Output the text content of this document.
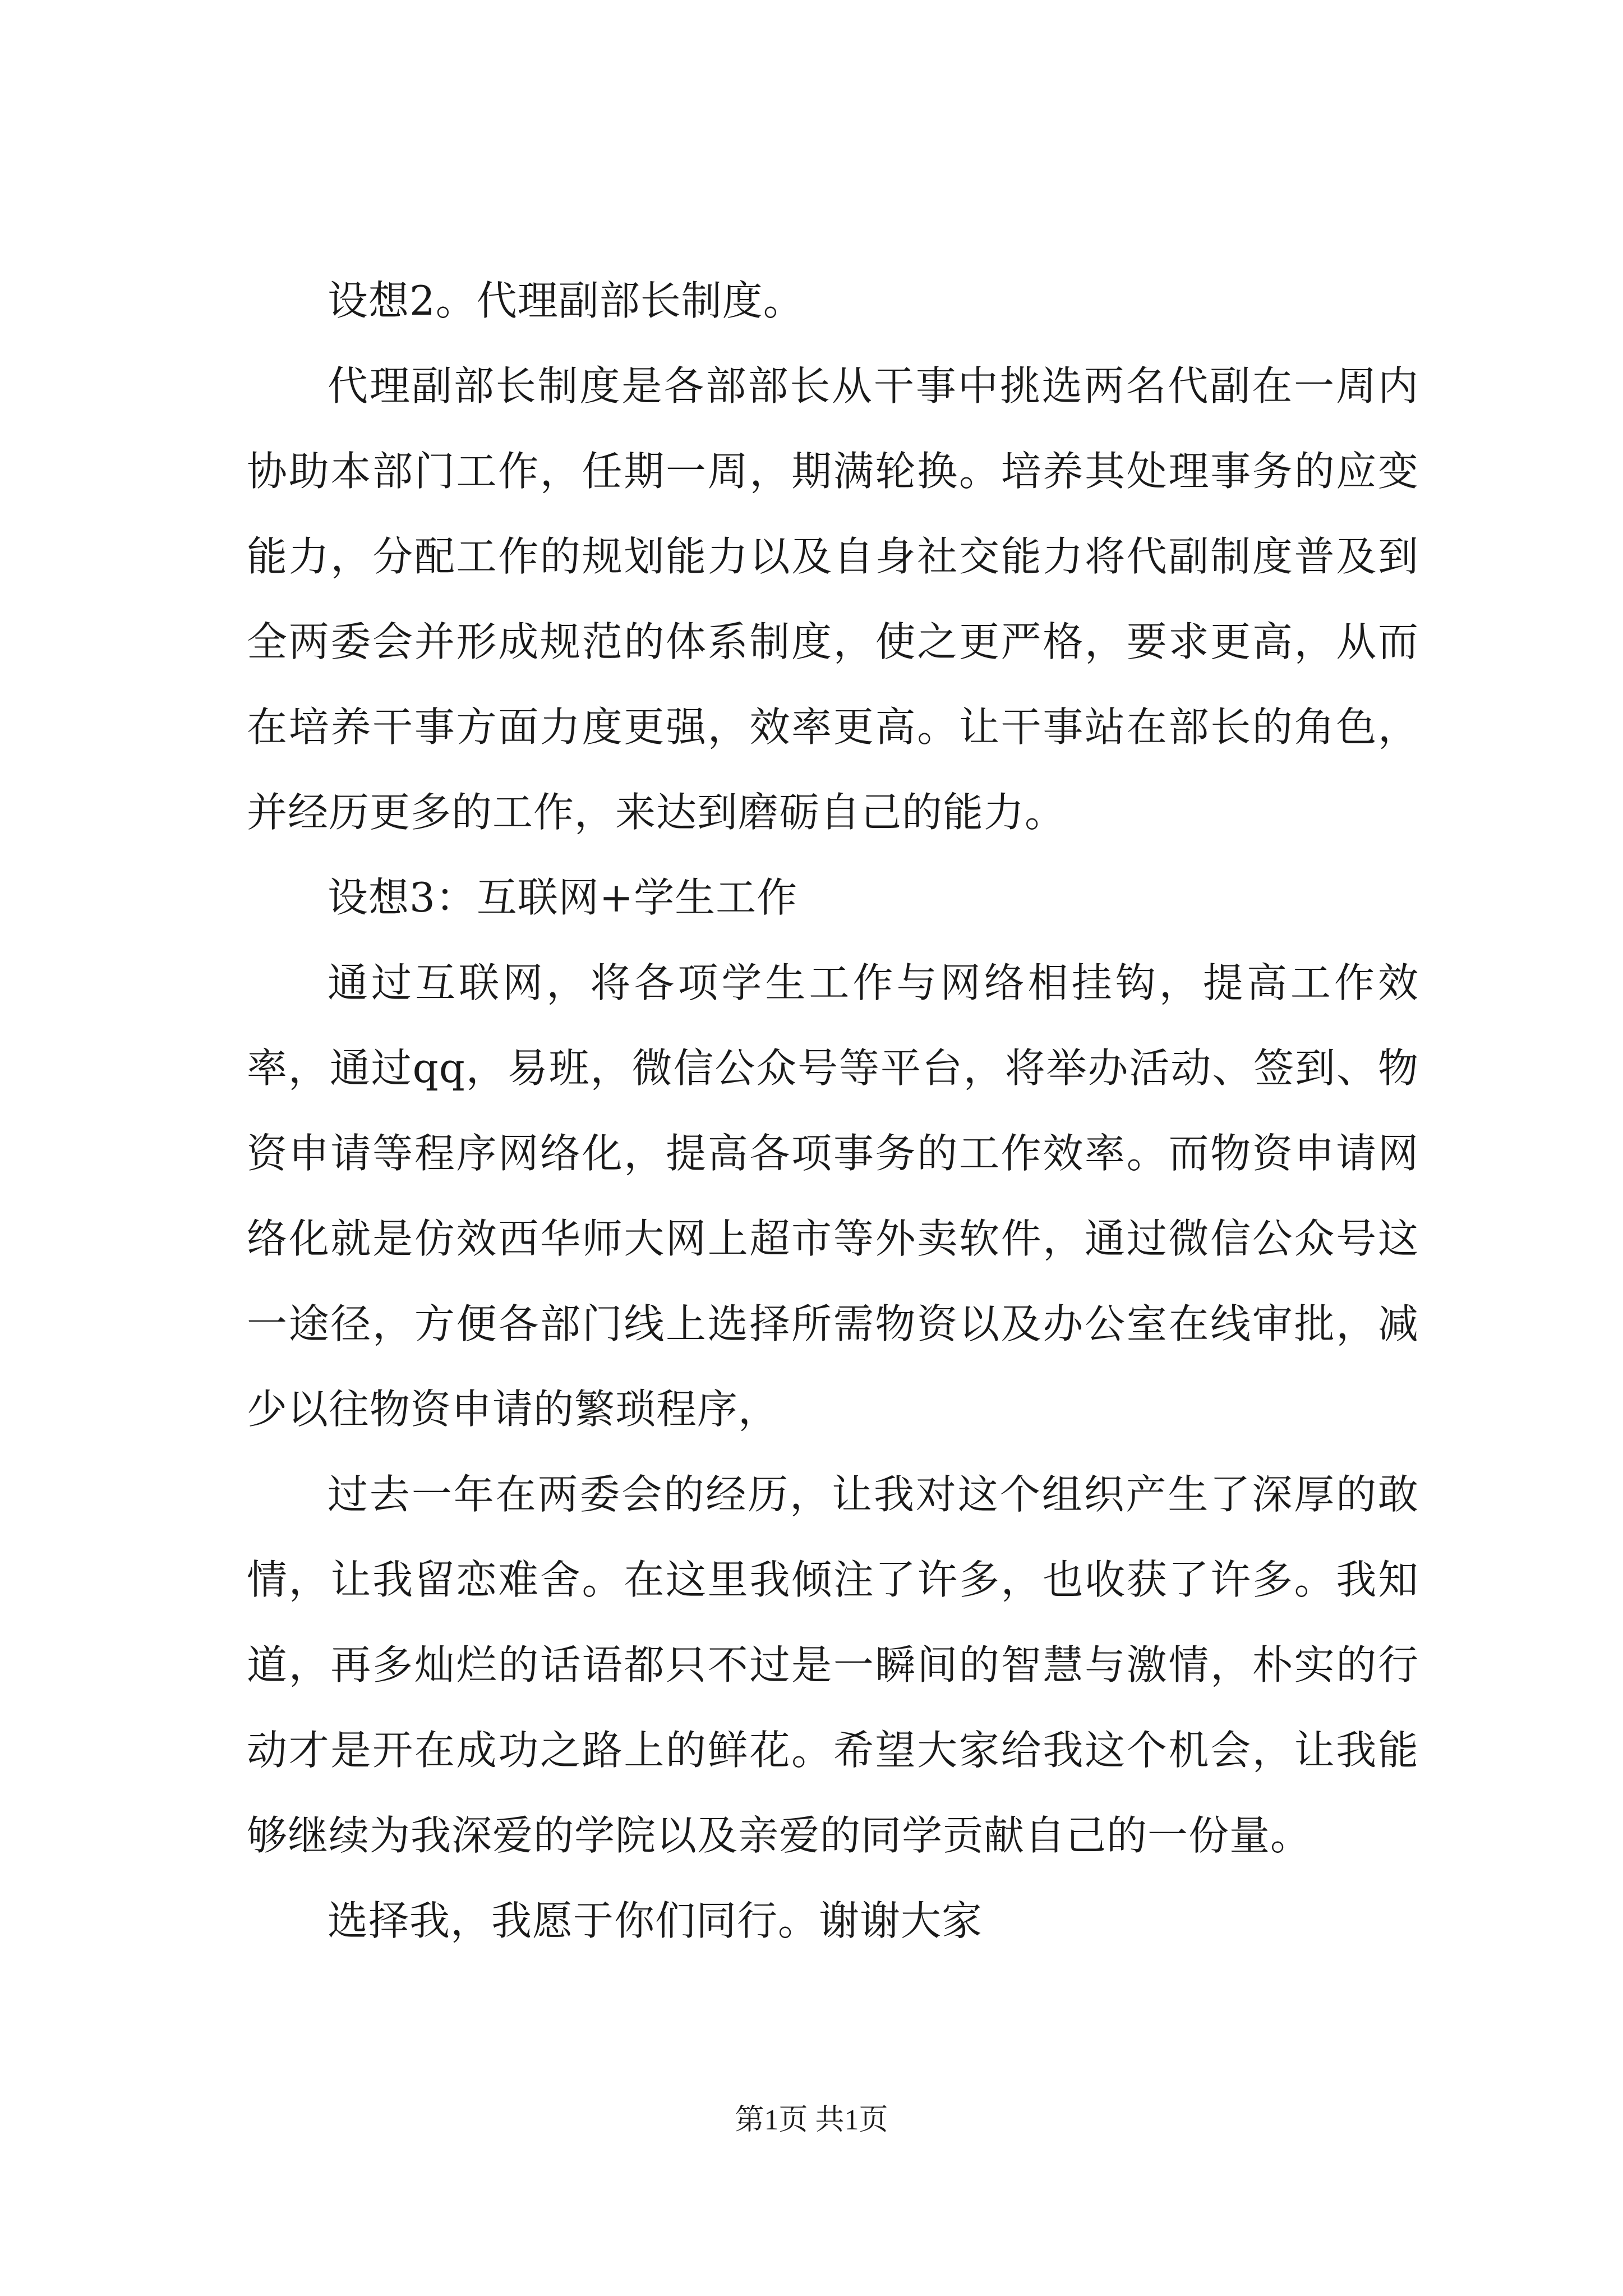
设想2。代理副部长制度。

代理副部长制度是各部部长从干事中挑选两名代副在一周内协助本部门工作，任期一周，期满轮换。培养其处理事务的应变能力，分配工作的规划能力以及自身社交能力将代副制度普及到全两委会并形成规范的体系制度，使之更严格，要求更高，从而在培养干事方面力度更强，效率更高。让干事站在部长的角色，并经历更多的工作，来达到磨砺自己的能力。

设想3：互联网+学生工作

通过互联网，将各项学生工作与网络相挂钩，提高工作效率，通过qq，易班，微信公众号等平台，将举办活动、签到、物资申请等程序网络化，提高各项事务的工作效率。而物资申请网络化就是仿效西华师大网上超市等外卖软件，通过微信公众号这一途径，方便各部门线上选择所需物资以及办公室在线审批，减少以往物资申请的繁琐程序，

过去一年在两委会的经历，让我对这个组织产生了深厚的敢情，让我留恋难舍。在这里我倾注了许多，也收获了许多。我知道，再多灿烂的话语都只不过是一瞬间的智慧与激情，朴实的行动才是开在成功之路上的鲜花。希望大家给我这个机会，让我能够继续为我深爱的学院以及亲爱的同学贡献自己的一份量。

选择我，我愿于你们同行。谢谢大家

第1页 共1页
